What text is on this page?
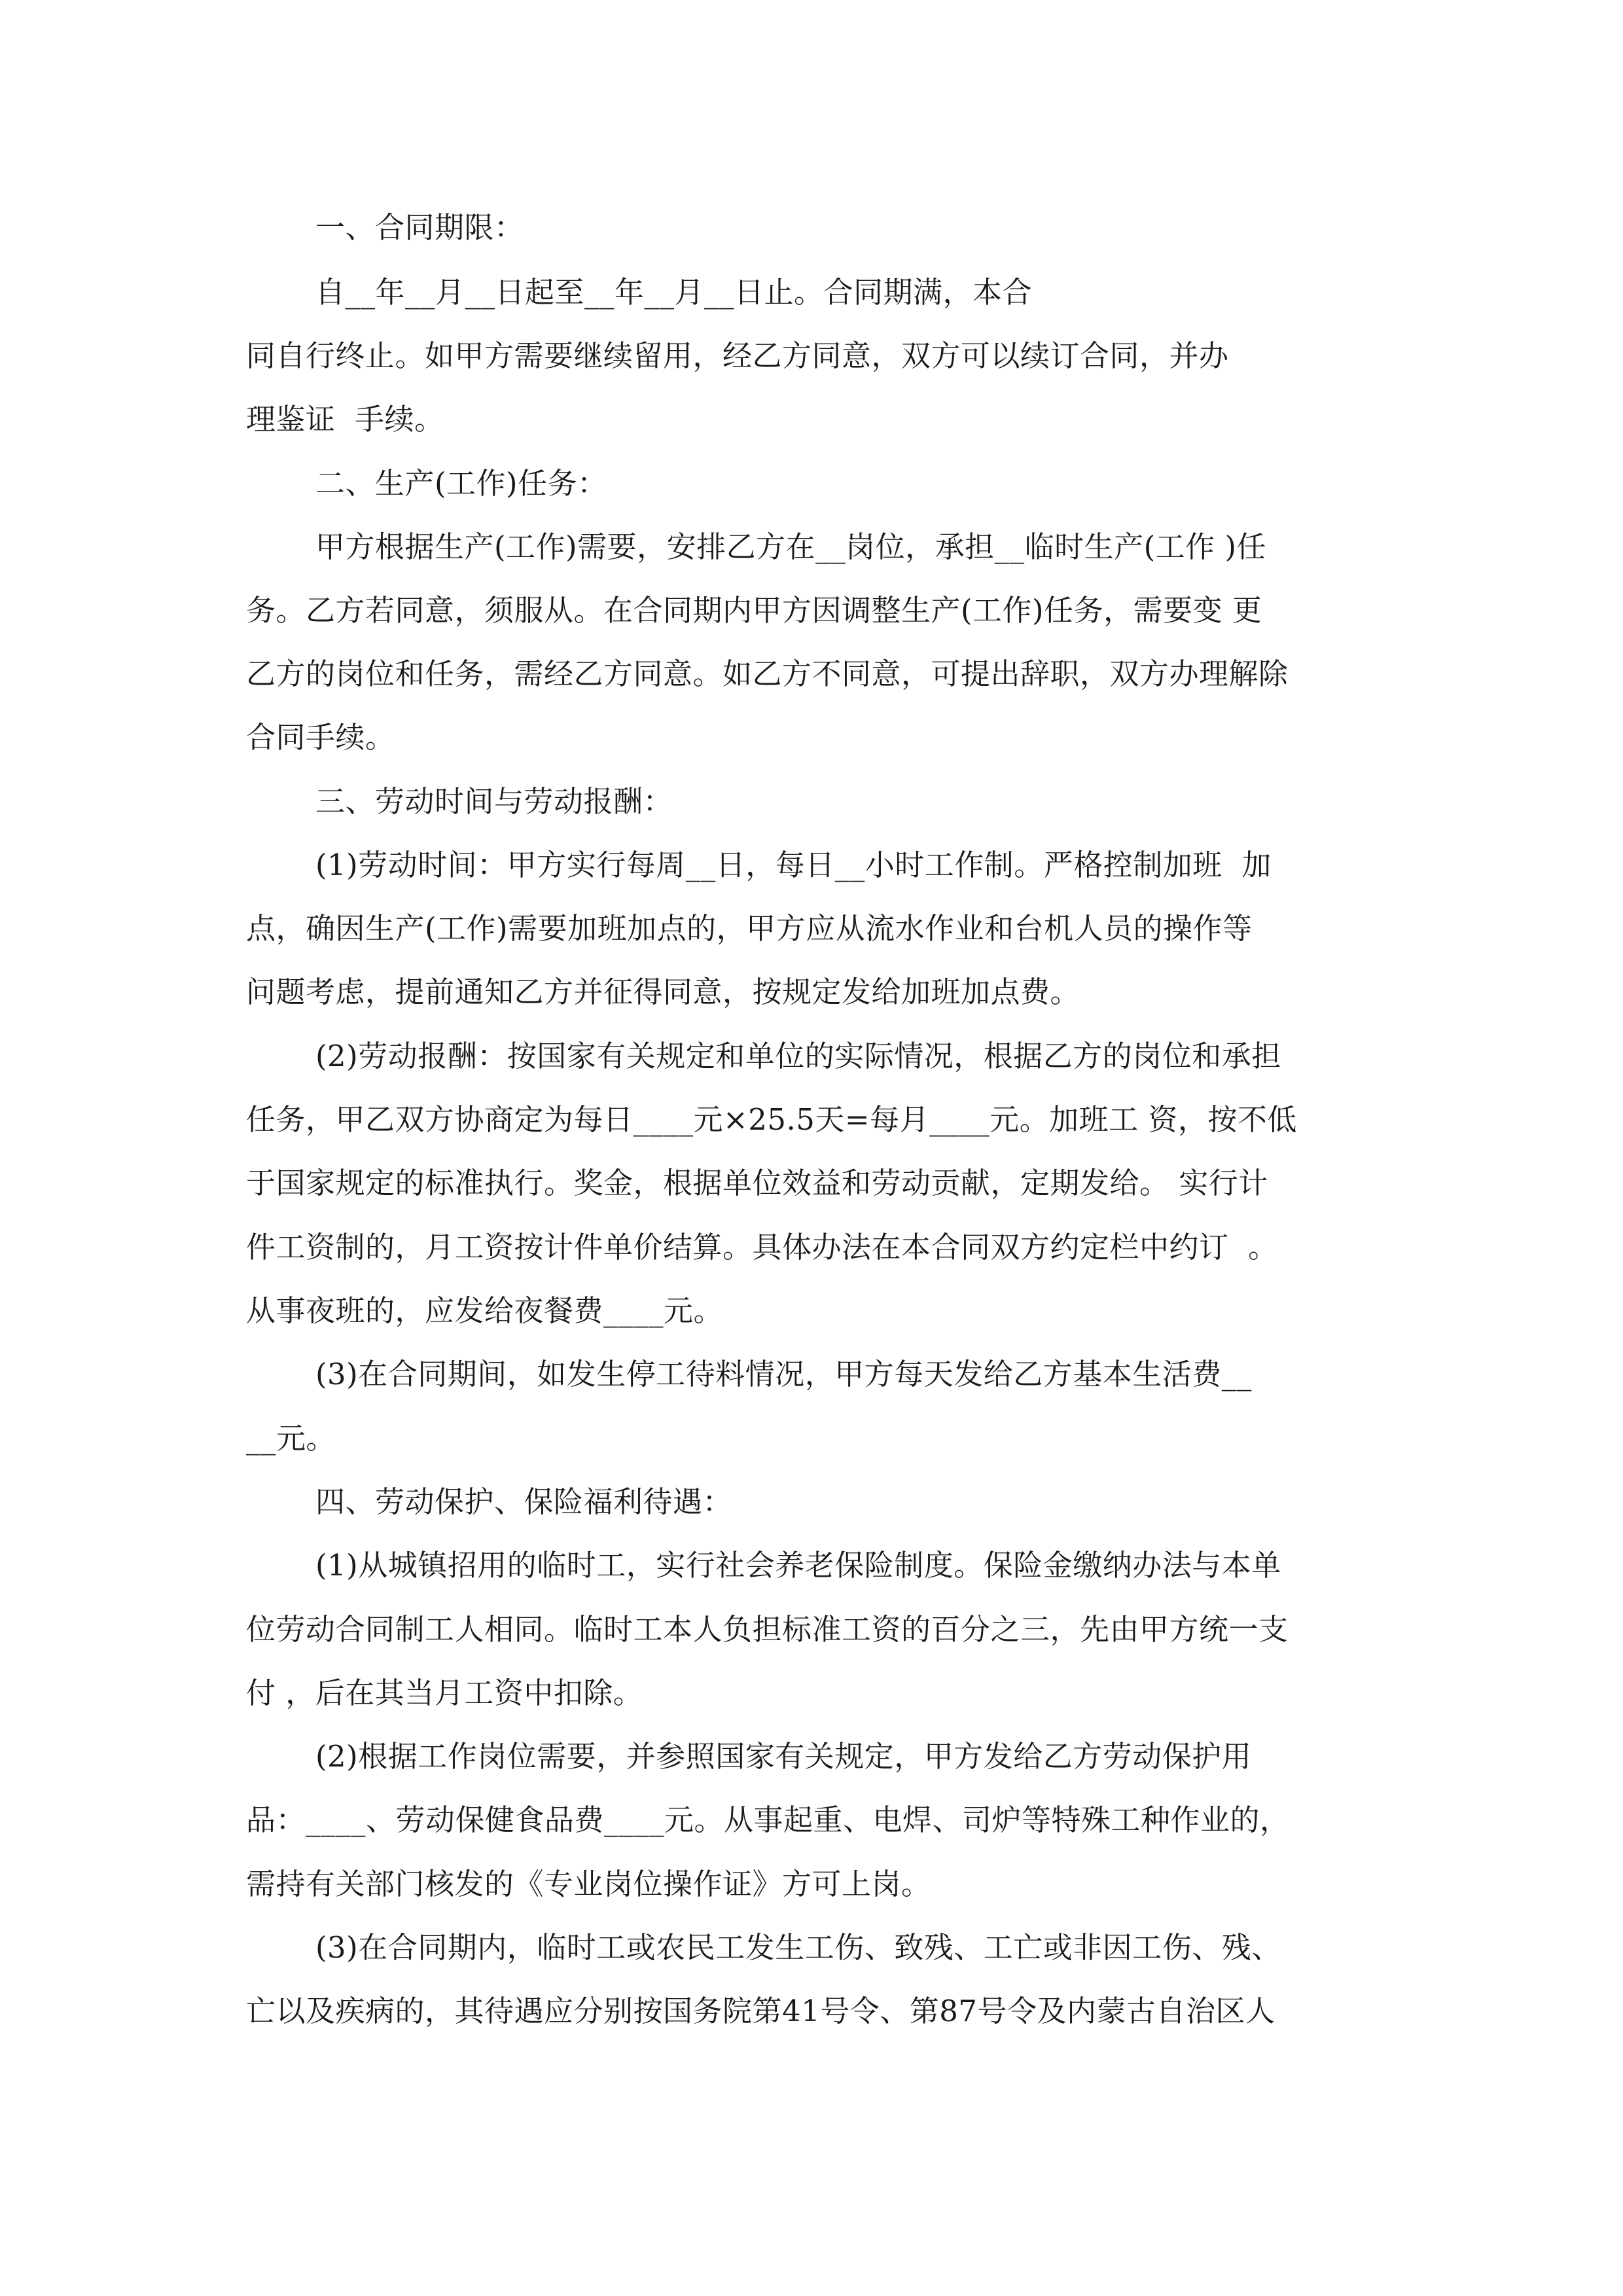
一、合同期限：
自__年__月__日起至__年__月__日止。合同期满，本合
同自行终止。如甲方需要继续留用，经乙方同意，双方可以续订合同，并办
理鉴证  手续。
二、生产(工作)任务：
甲方根据生产(工作)需要，安排乙方在__岗位，承担__临时生产(工作 )任
务。乙方若同意，须服从。在合同期内甲方因调整生产(工作)任务，需要变 更
乙方的岗位和任务，需经乙方同意。如乙方不同意，可提出辞职，双方办理解除
合同手续。
三、劳动时间与劳动报酬：
(1)劳动时间：甲方实行每周__日，每日__小时工作制。严格控制加班  加
点，确因生产(工作)需要加班加点的，甲方应从流水作业和台机人员的操作等
问题考虑，提前通知乙方并征得同意，按规定发给加班加点费。
(2)劳动报酬：按国家有关规定和单位的实际情况，根据乙方的岗位和承担
任务，甲乙双方协商定为每日____元×25.5天=每月____元。加班工 资，按不低
于国家规定的标准执行。奖金，根据单位效益和劳动贡献，定期发给。 实行计
件工资制的，月工资按计件单价结算。具体办法在本合同双方约定栏中约订  。
从事夜班的，应发给夜餐费____元。
(3)在合同期间，如发生停工待料情况，甲方每天发给乙方基本生活费__
__元。
四、劳动保护、保险福利待遇：
(1)从城镇招用的临时工，实行社会养老保险制度。保险金缴纳办法与本单
位劳动合同制工人相同。临时工本人负担标准工资的百分之三，先由甲方统一支
付 ，后在其当月工资中扣除。
(2)根据工作岗位需要，并参照国家有关规定，甲方发给乙方劳动保护用
品：____、劳动保健食品费____元。从事起重、电焊、司炉等特殊工种作业的，
需持有关部门核发的《专业岗位操作证》方可上岗。
(3)在合同期内，临时工或农民工发生工伤、致残、工亡或非因工伤、残、
亡以及疾病的，其待遇应分别按国务院第41号令、第87号令及内蒙古自治区人
